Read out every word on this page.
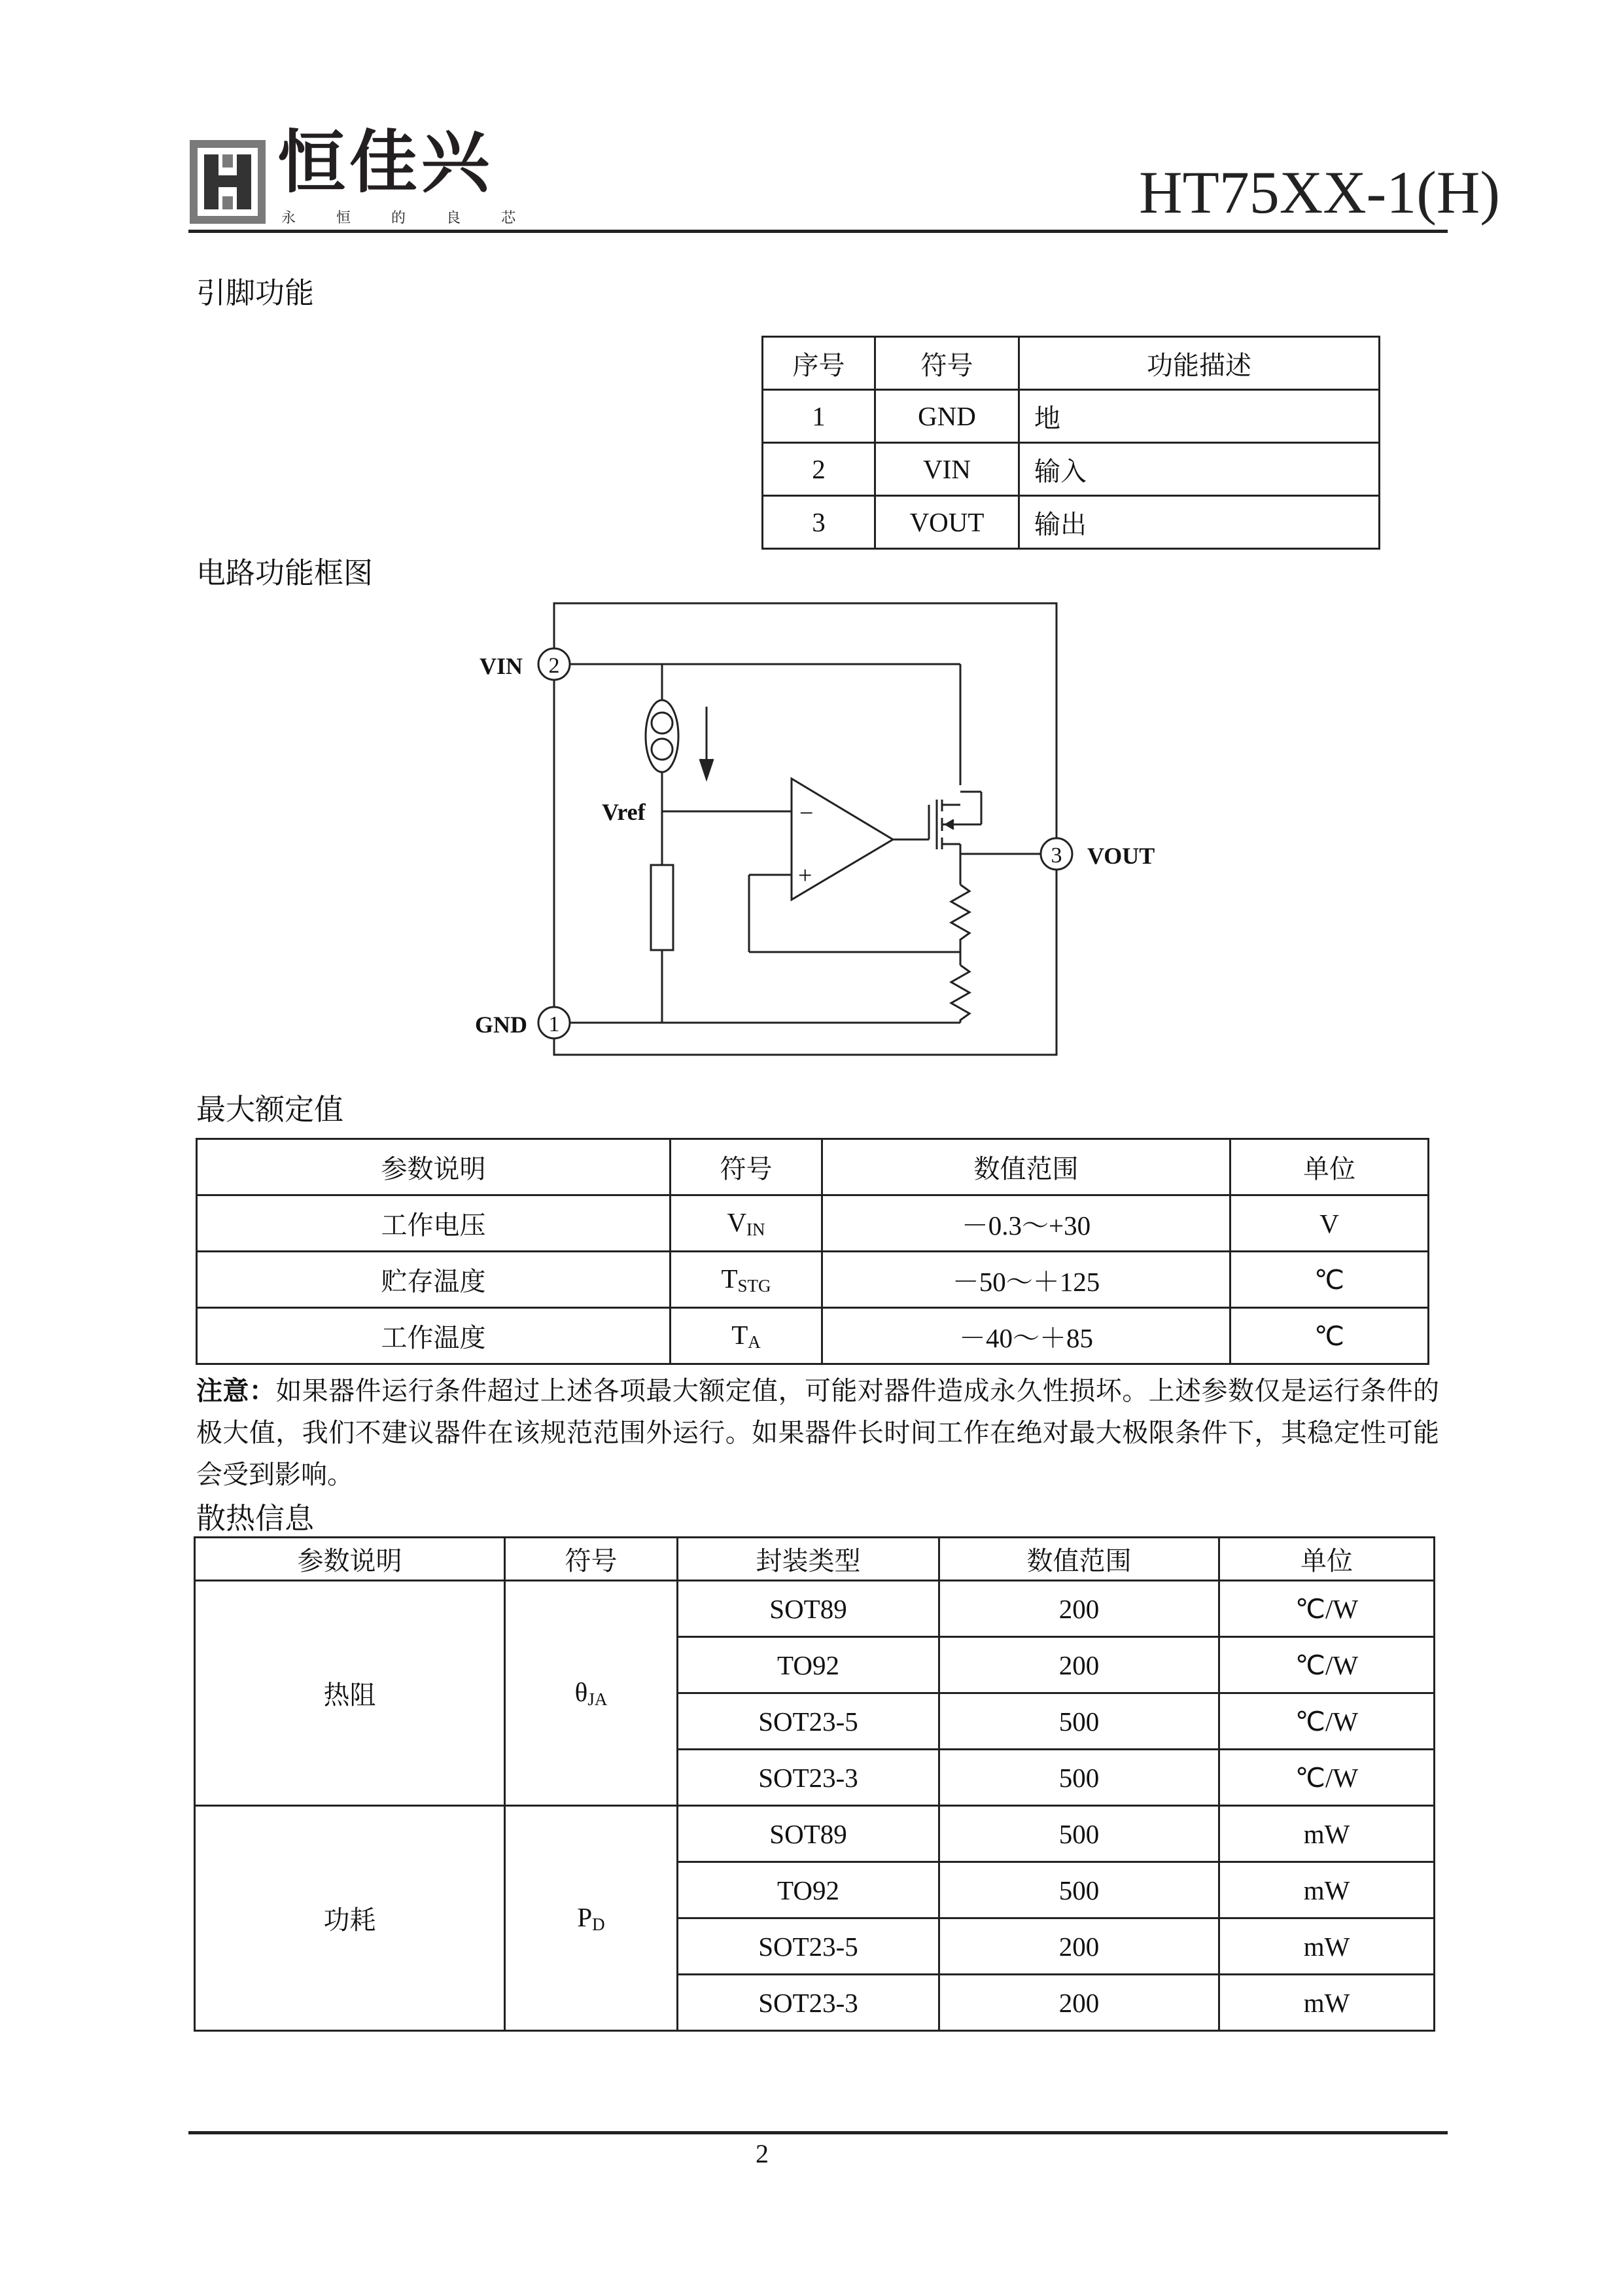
恒佳兴
永	恒	的	良	芯	HT75XX-1(H)
引脚功能
序号	符号	功能描述
1	GND	地
2	VIN	输入
3	VOUT	输出
电路功能框图
2
3
1
VIN
VOUT
GND
Vref	−
+
最大额定值
参数说明	符号	数值范围	单位
工作电压	$V_{IN}$	－0.3～+30	V
贮存温度	$T_{STG}$	－50～＋125	℃
工作温度	$T_A$	－40～＋85	℃
注意：如果器件运行条件超过上述各项最大额定值，可能对器件造成永久性损坏。上述参数仅是运行条件的极大值，我们不建议器件在该规范范围外运行。如果器件长时间工作在绝对最大极限条件下，其稳定性可能会受到影响。
散热信息
参数说明	符号	封装类型	数值范围	单位
热阻	$\theta_{JA}$	SOT89	200	℃/W
		TO92	200	℃/W
		SOT23-5	500	℃/W
		SOT23-3	500	℃/W
功耗	$P_D$	SOT89	500	mW
		TO92	500	mW
		SOT23-5	200	mW
		SOT23-3	200	mW
2
